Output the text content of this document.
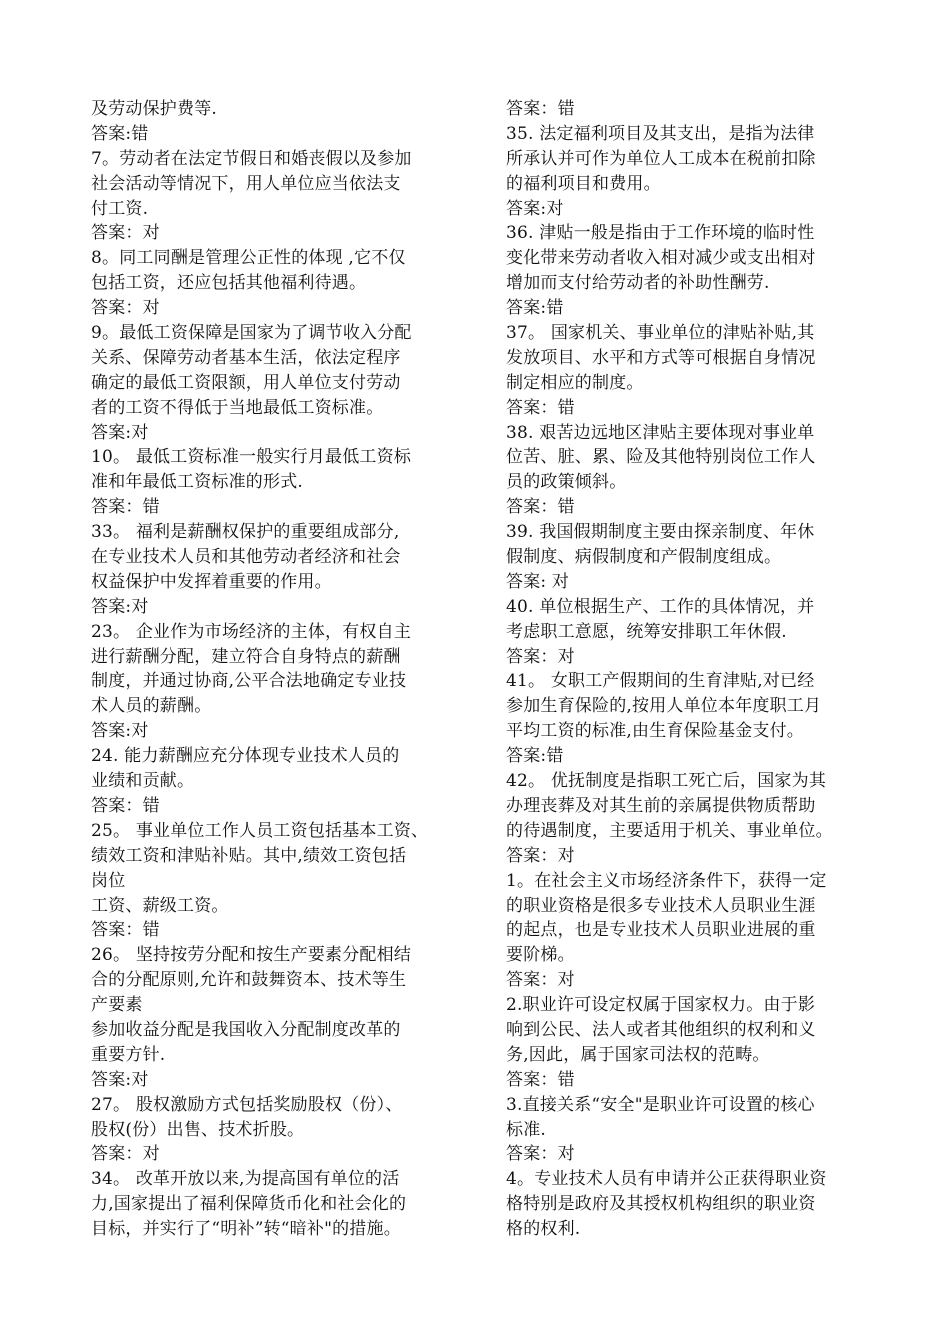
及劳动保护费等.
答案:错
7。劳动者在法定节假日和婚丧假以及参加
社会活动等情况下，用人单位应当依法支
付工资.
答案：对
8。同工同酬是管理公正性的体现 ,它不仅
包括工资，还应包括其他福利待遇。
答案：对
9。最低工资保障是国家为了调节收入分配
关系、保障劳动者基本生活，依法定程序
确定的最低工资限额，用人单位支付劳动
者的工资不得低于当地最低工资标准。
答案:对
10。 最低工资标准一般实行月最低工资标
准和年最低工资标准的形式.
答案：错
33。 福利是薪酬权保护的重要组成部分,
在专业技术人员和其他劳动者经济和社会
权益保护中发挥着重要的作用。
答案:对
23。 企业作为市场经济的主体，有权自主
进行薪酬分配，建立符合自身特点的薪酬
制度，并通过协商,公平合法地确定专业技
术人员的薪酬。
答案:对
24. 能力薪酬应充分体现专业技术人员的
业绩和贡献。
答案：错
25。 事业单位工作人员工资包括基本工资、
绩效工资和津贴补贴。其中,绩效工资包括
岗位
工资、薪级工资。
答案：错
26。 坚持按劳分配和按生产要素分配相结
合的分配原则,允许和鼓舞资本、技术等生
产要素
参加收益分配是我国收入分配制度改革的
重要方针.
答案:对
27。 股权激励方式包括奖励股权（份）、
股权(份）出售、技术折股。
答案：对
34。 改革开放以来,为提高国有单位的活
力,国家提出了福利保障货币化和社会化的
目标，并实行了“明补”转“暗补"的措施。
答案：错
35. 法定福利项目及其支出，是指为法律
所承认并可作为单位人工成本在税前扣除
的福利项目和费用。
答案:对
36. 津贴一般是指由于工作环境的临时性
变化带来劳动者收入相对减少或支出相对
增加而支付给劳动者的补助性酬劳.
答案:错
37。 国家机关、事业单位的津贴补贴,其
发放项目、水平和方式等可根据自身情况
制定相应的制度。
答案：错
38. 艰苦边远地区津贴主要体现对事业单
位苦、脏、累、险及其他特别岗位工作人
员的政策倾斜。
答案：错
39. 我国假期制度主要由探亲制度、年休
假制度、病假制度和产假制度组成。
答案: 对
40. 单位根据生产、工作的具体情况，并
考虑职工意愿，统筹安排职工年休假.
答案：对
41。 女职工产假期间的生育津贴,对已经
参加生育保险的,按用人单位本年度职工月
平均工资的标准,由生育保险基金支付。
答案:错
42。 优抚制度是指职工死亡后，国家为其
办理丧葬及对其生前的亲属提供物质帮助
的待遇制度，主要适用于机关、事业单位。
答案：对
1。在社会主义市场经济条件下，获得一定
的职业资格是很多专业技术人员职业生涯
的起点，也是专业技术人员职业进展的重
要阶梯。
答案：对
2.职业许可设定权属于国家权力。由于影
响到公民、法人或者其他组织的权利和义
务,因此，属于国家司法权的范畴。
答案：错
3.直接关系“安全"是职业许可设置的核心
标准.
答案：对
4。专业技术人员有申请并公正获得职业资
格特别是政府及其授权机构组织的职业资
格的权利.
